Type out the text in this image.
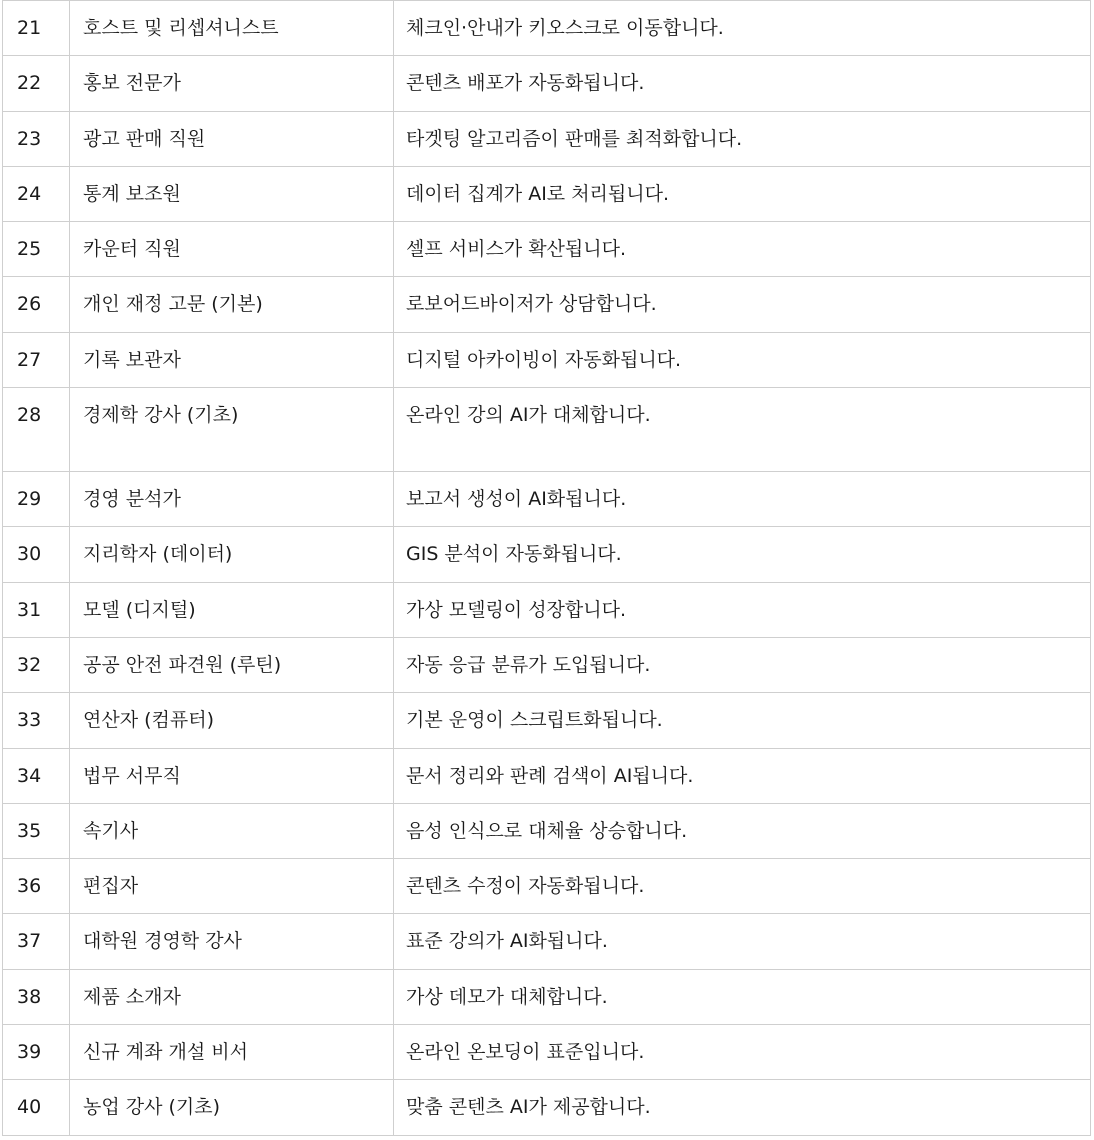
21	호스트 및 리셉셔니스트	체크인·안내가 키오스크로 이동합니다.
22	홍보 전문가	콘텐츠 배포가 자동화됩니다.
23	광고 판매 직원	타겟팅 알고리즘이 판매를 최적화합니다.
24	통계 보조원	데이터 집계가 AI로 처리됩니다.
25	카운터 직원	셀프 서비스가 확산됩니다.
26	개인 재정 고문 (기본)	로보어드바이저가 상담합니다.
27	기록 보관자	디지털 아카이빙이 자동화됩니다.
28	경제학 강사 (기초)	온라인 강의 AI가 대체합니다.
29	경영 분석가	보고서 생성이 AI화됩니다.
30	지리학자 (데이터)	GIS 분석이 자동화됩니다.
31	모델 (디지털)	가상 모델링이 성장합니다.
32	공공 안전 파견원 (루틴)	자동 응급 분류가 도입됩니다.
33	연산자 (컴퓨터)	기본 운영이 스크립트화됩니다.
34	법무 서무직	문서 정리와 판례 검색이 AI됩니다.
35	속기사	음성 인식으로 대체율 상승합니다.
36	편집자	콘텐츠 수정이 자동화됩니다.
37	대학원 경영학 강사	표준 강의가 AI화됩니다.
38	제품 소개자	가상 데모가 대체합니다.
39	신규 계좌 개설 비서	온라인 온보딩이 표준입니다.
40	농업 강사 (기초)	맞춤 콘텐츠 AI가 제공합니다.
